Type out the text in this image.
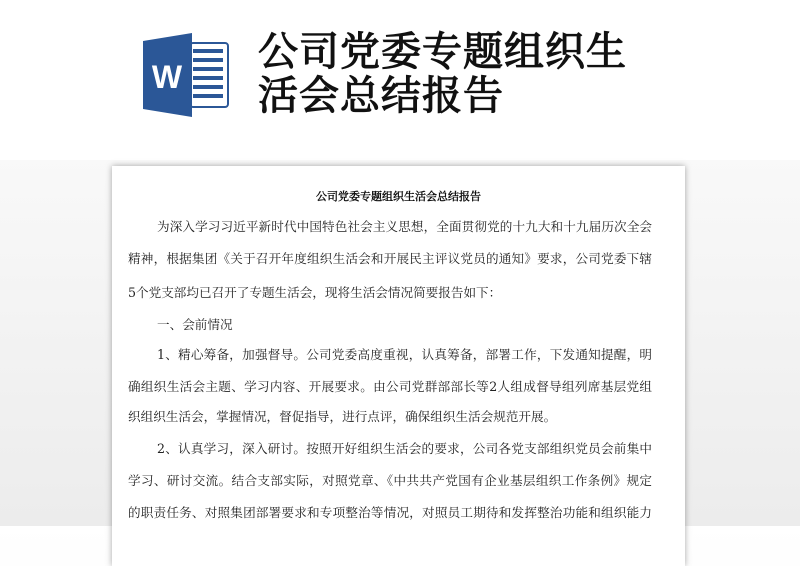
W
公司党委专题组织生
活会总结报告
公司党委专题组织生活会总结报告
为深入学习习近平新时代中国特色社会主义思想，全面贯彻党的十九大和十九届历次全会
精神，根据集团《关于召开年度组织生活会和开展民主评议党员的通知》要求，公司党委下辖
5个党支部均已召开了专题生活会，现将生活会情况简要报告如下：
一、会前情况
1、精心筹备，加强督导。公司党委高度重视，认真筹备，部署工作，下发通知提醒，明
确组织生活会主题、学习内容、开展要求。由公司党群部部长等2人组成督导组列席基层党组
织组织生活会，掌握情况，督促指导，进行点评，确保组织生活会规范开展。
2、认真学习，深入研讨。按照开好组织生活会的要求，公司各党支部组织党员会前集中
学习、研讨交流。结合支部实际，对照党章、《中共共产党国有企业基层组织工作条例》规定
的职责任务、对照集团部署要求和专项整治等情况，对照员工期待和发挥整治功能和组织能力
